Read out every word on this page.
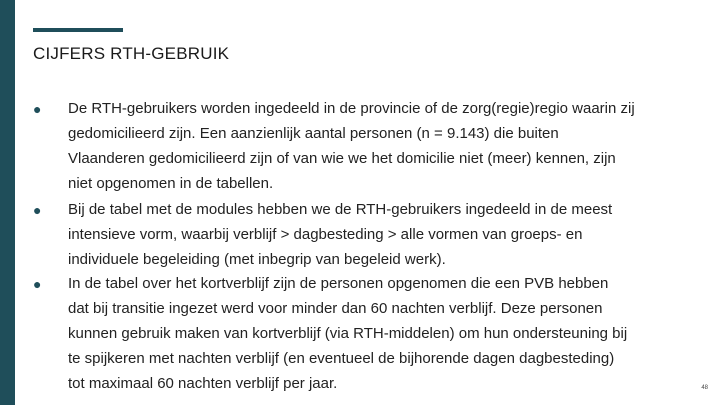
CIJFERS RTH-GEBRUIK
● De RTH-gebruikers worden ingedeeld in de provincie of de zorg(regie)regio waarin zij
gedomicilieerd zijn. Een aanzienlijk aantal personen (n = 9.143) die buiten
Vlaanderen gedomicilieerd zijn of van wie we het domicilie niet (meer) kennen, zijn
niet opgenomen in de tabellen.
● Bij de tabel met de modules hebben we de RTH-gebruikers ingedeeld in de meest
intensieve vorm, waarbij verblijf > dagbesteding > alle vormen van groeps- en
individuele begeleiding (met inbegrip van begeleid werk).
● In de tabel over het kortverblijf zijn de personen opgenomen die een PVB hebben
dat bij transitie ingezet werd voor minder dan 60 nachten verblijf. Deze personen
kunnen gebruik maken van kortverblijf (via RTH-middelen) om hun ondersteuning bij
te spijkeren met nachten verblijf (en eventueel de bijhorende dagen dagbesteding)
tot maximaal 60 nachten verblijf per jaar.	48
